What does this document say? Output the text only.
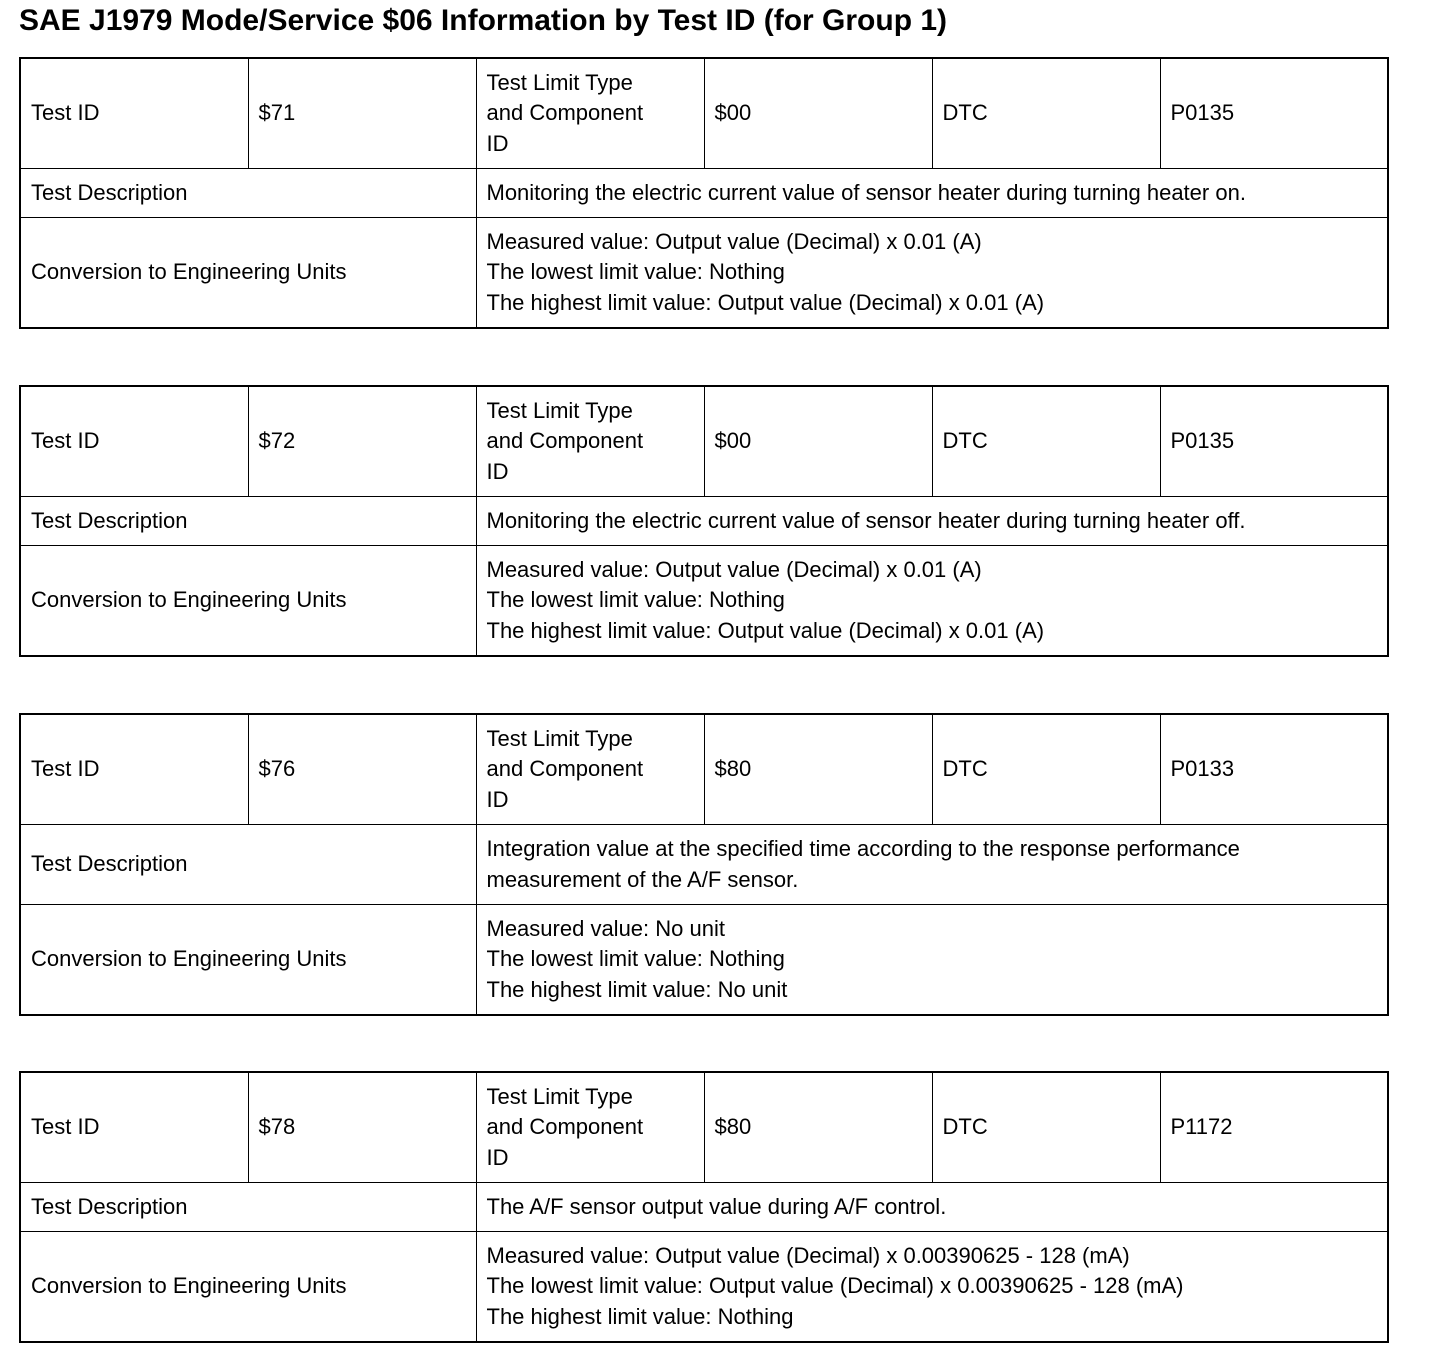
SAE J1979 Mode/Service $06 Information by Test ID (for Group 1)
Test ID	$71	Test Limit Type
and Component
ID	$00	DTC	P0135
Test Description		Monitoring the electric current value of sensor heater during turning heater on.			
Conversion to Engineering Units		Measured value: Output value (Decimal) x 0.01 (A)
The lowest limit value: Nothing
The highest limit value: Output value (Decimal) x 0.01 (A)			
Test ID	$72	Test Limit Type
and Component
ID	$00	DTC	P0135
Test Description		Monitoring the electric current value of sensor heater during turning heater off.			
Conversion to Engineering Units		Measured value: Output value (Decimal) x 0.01 (A)
The lowest limit value: Nothing
The highest limit value: Output value (Decimal) x 0.01 (A)			
Test ID	$76	Test Limit Type
and Component
ID	$80	DTC	P0133
Test Description		Integration value at the specified time according to the response performance measurement of the A/F sensor.			
Conversion to Engineering Units		Measured value: No unit
The lowest limit value: Nothing
The highest limit value: No unit			
Test ID	$78	Test Limit Type
and Component
ID	$80	DTC	P1172
Test Description		The A/F sensor output value during A/F control.			
Conversion to Engineering Units		Measured value: Output value (Decimal) x 0.00390625 - 128 (mA)
The lowest limit value: Output value (Decimal) x 0.00390625 - 128 (mA)
The highest limit value: Nothing			
